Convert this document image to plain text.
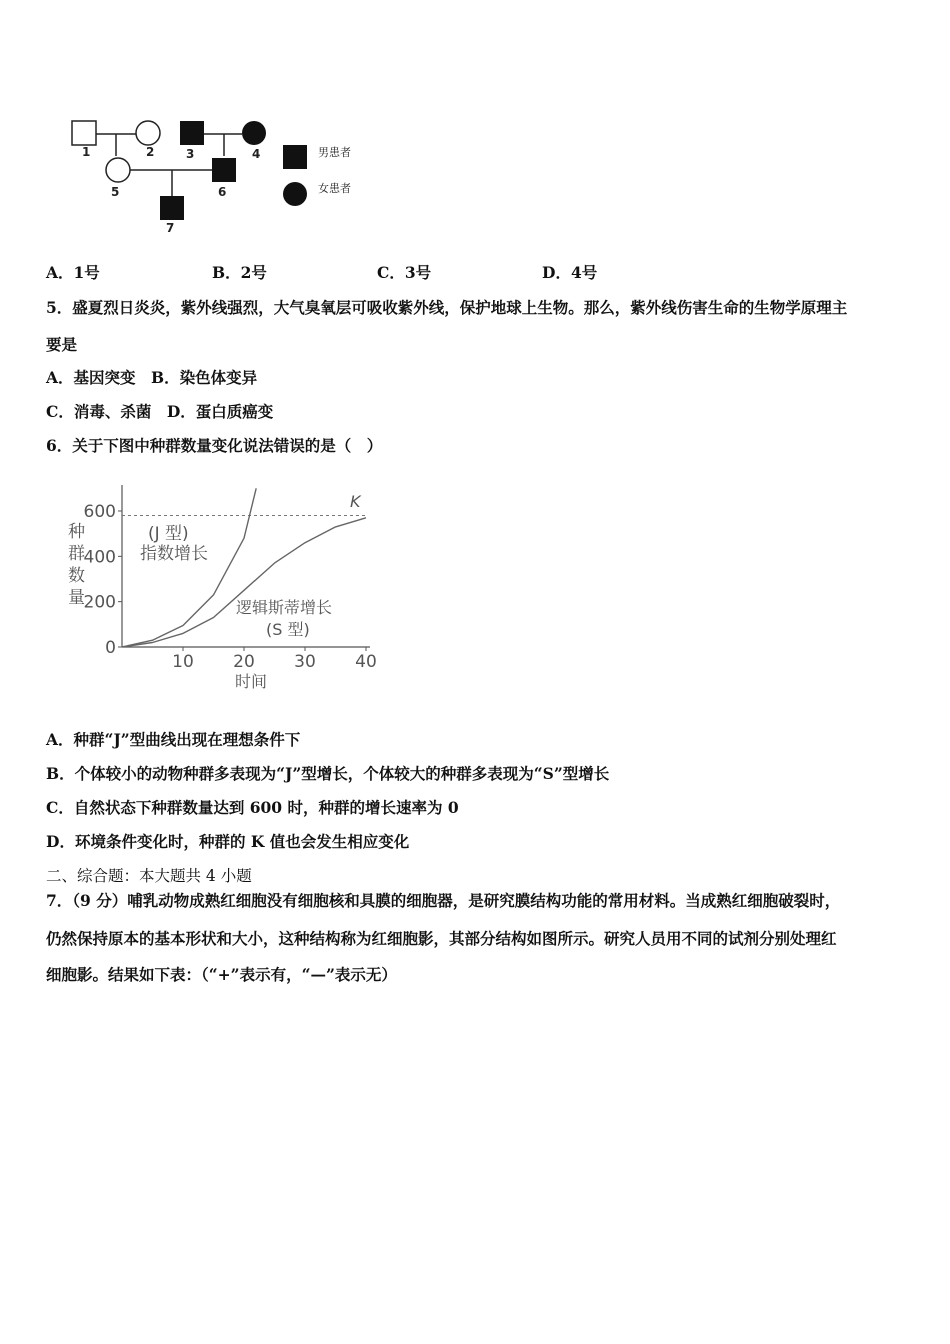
1	2	3	4
5	6
7
男患者
女患者
A．1号	B．2号	C．3号	D．4号
5．盛夏烈日炎炎，紫外线强烈，大气臭氧层可吸收紫外线，保护地球上生物。那么，紫外线伤害生命的生物学原理主
要是
A．基因突变　B．染色体变异
C．消毒、杀菌　D．蛋白质癌变
6．关于下图中种群数量变化说法错误的是（　）
0
200
400
600
10 20 30 40
种
群
数
量
时间
(J 型)
指数增长
逻辑斯蒂增长
(S 型)
K
A．种群“J”型曲线出现在理想条件下
B．个体较小的动物种群多表现为“J”型增长，个体较大的种群多表现为“S”型增长
C．自然状态下种群数量达到 600 时，种群的增长速率为 0
D．环境条件变化时，种群的 K 值也会发生相应变化
二、综合题：本大题共 4 小题
7．（9 分）哺乳动物成熟红细胞没有细胞核和具膜的细胞器，是研究膜结构功能的常用材料。当成熟红细胞破裂时，
仍然保持原本的基本形状和大小，这种结构称为红细胞影，其部分结构如图所示。研究人员用不同的试剂分别处理红
细胞影。结果如下表：（“+”表示有，“—”表示无）
